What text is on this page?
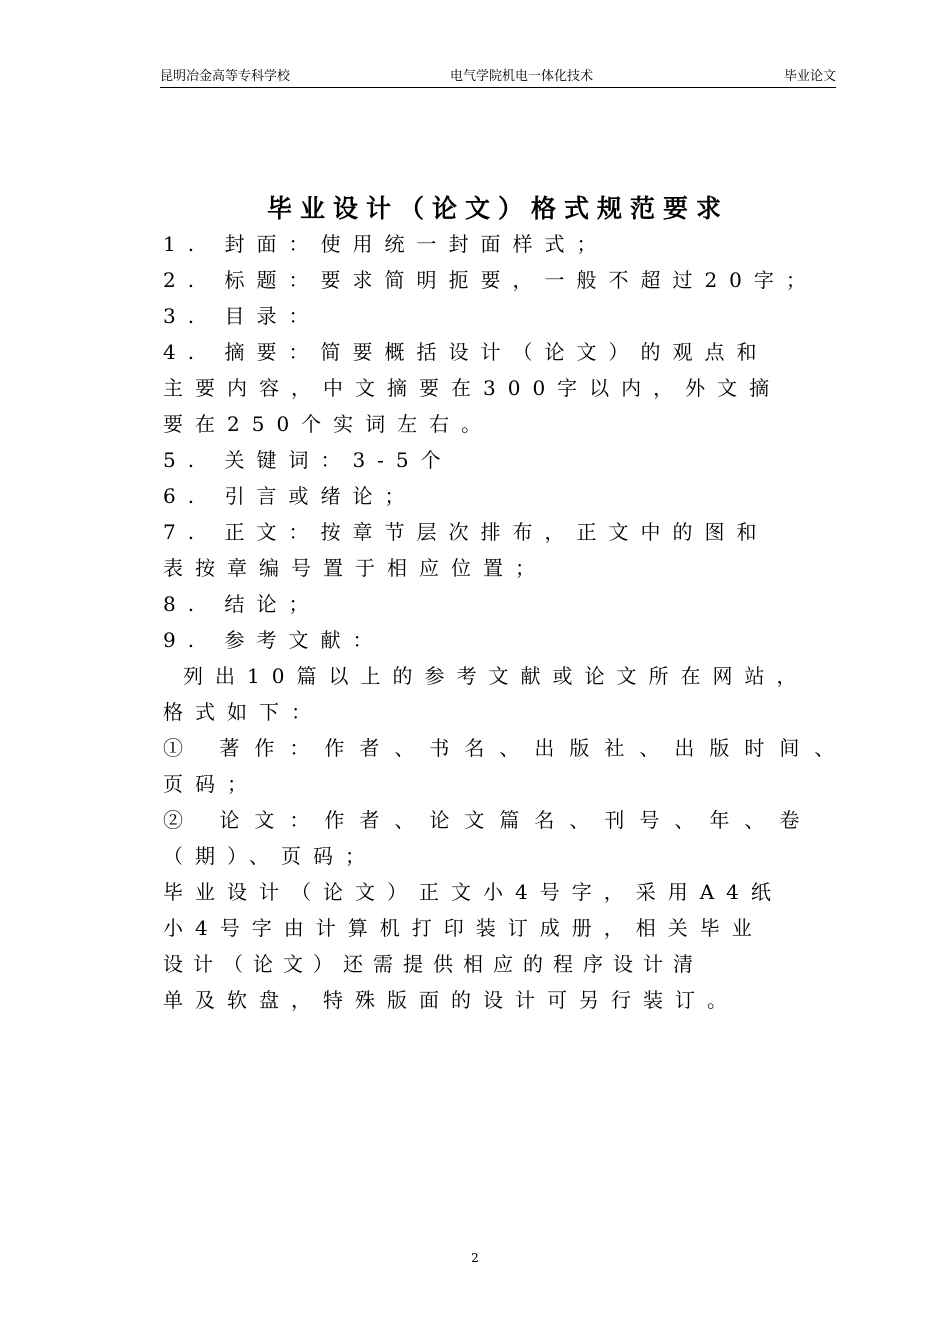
昆明冶金高等专科学校	电气学院机电一体化技术	毕业论文
毕业设计（论文）格式规范要求
1. 封面：使用统一封面样式；
2. 标题：要求简明扼要，一般不超过20字；
3. 目录：
4. 摘要：简要概括设计（论文）的观点和
主要内容，中文摘要在300字以内，外文摘
要在250个实词左右。
5. 关键词：3-5个
6. 引言或绪论；
7. 正文：按章节层次排布，正文中的图和
表按章编号置于相应位置；
8. 结论；
9. 参考文献：
列出10篇以上的参考文献或论文所在网站，
格式如下：
① 著作：作者、书名、出版社、出版时间、
页码；
② 论文：作者、论文篇名、刊号、年、卷
（期）、页码；
毕业设计（论文）正文小4号字，采用A4纸
小4号字由计算机打印装订成册，相关毕业
设计（论文）还需提供相应的程序设计清
单及软盘，特殊版面的设计可另行装订。
2
